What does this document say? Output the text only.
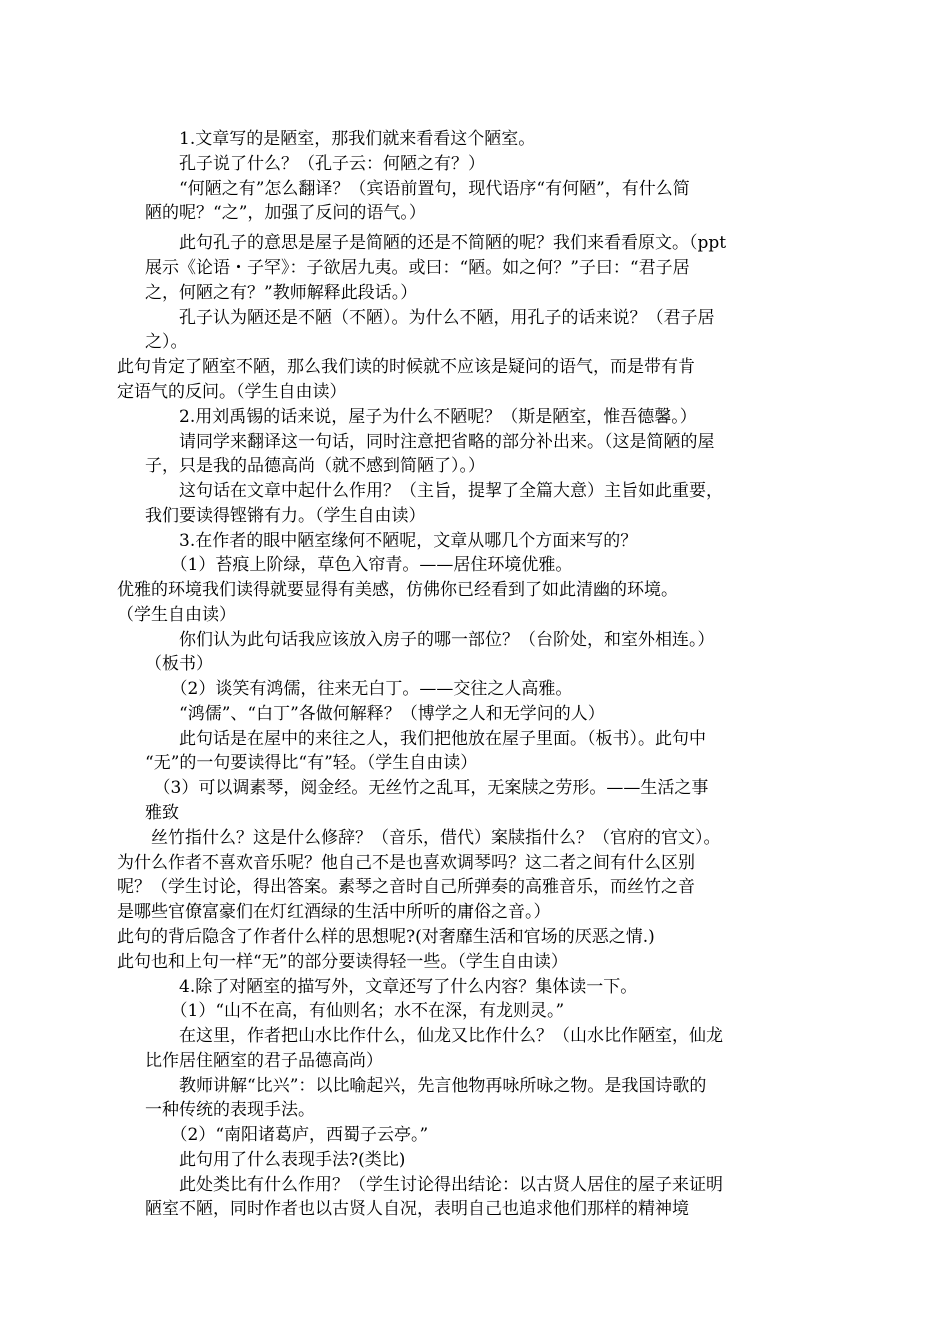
　　1.文章写的是陋室，那我们就来看看这个陋室。
　　孔子说了什么？（孔子云：何陋之有？）
　　“何陋之有”怎么翻译？（宾语前置句，现代语序“有何陋”，有什么简
陋的呢？“之”，加强了反问的语气。）
　　此句孔子的意思是屋子是简陋的还是不简陋的呢？我们来看看原文。（ppt
展示《论语・子罕》：子欲居九夷。或曰：“陋。如之何？”子曰：“君子居
之，何陋之有？”教师解释此段话。）
　　孔子认为陋还是不陋（不陋）。为什么不陋，用孔子的话来说？（君子居
之）。
此句肯定了陋室不陋，那么我们读的时候就不应该是疑问的语气，而是带有肯
定语气的反问。（学生自由读）
　　2.用刘禹锡的话来说，屋子为什么不陋呢？（斯是陋室，惟吾德馨。）
　　请同学来翻译这一句话，同时注意把省略的部分补出来。（这是简陋的屋
子，只是我的品德高尚（就不感到简陋了）。）
　　这句话在文章中起什么作用？（主旨，提挈了全篇大意）主旨如此重要，
我们要读得铿锵有力。（学生自由读）
　　3.在作者的眼中陋室缘何不陋呢，文章从哪几个方面来写的？
　　（1）苔痕上阶绿，草色入帘青。——居住环境优雅。
优雅的环境我们读得就要显得有美感，仿佛你已经看到了如此清幽的环境。
（学生自由读）
　　你们认为此句话我应该放入房子的哪一部位？（台阶处，和室外相连。）
（板书）
　　（2）谈笑有鸿儒，往来无白丁。——交往之人高雅。
　　“鸿儒”、“白丁”各做何解释？（博学之人和无学问的人）
　　此句话是在屋中的来往之人，我们把他放在屋子里面。（板书）。此句中
“无”的一句要读得比“有”轻。（学生自由读）
　（3）可以调素琴，阅金经。无丝竹之乱耳，无案牍之劳形。——生活之事
雅致
　　丝竹指什么？这是什么修辞？（音乐，借代）案牍指什么？（官府的官文）。
为什么作者不喜欢音乐呢？他自己不是也喜欢调琴吗？这二者之间有什么区别
呢？（学生讨论，得出答案。素琴之音时自己所弹奏的高雅音乐，而丝竹之音
是哪些官僚富豪们在灯红酒绿的生活中所听的庸俗之音。）
此句的背后隐含了作者什么样的思想呢?(对奢靡生活和官场的厌恶之情.)
此句也和上句一样“无”的部分要读得轻一些。（学生自由读）
　　4.除了对陋室的描写外，文章还写了什么内容？集体读一下。
　　（1）“山不在高，有仙则名；水不在深，有龙则灵。”
　　在这里，作者把山水比作什么，仙龙又比作什么？（山水比作陋室，仙龙
比作居住陋室的君子品德高尚）
　　教师讲解“比兴”：以比喻起兴，先言他物再咏所咏之物。是我国诗歌的
一种传统的表现手法。
　　（2）“南阳诸葛庐，西蜀子云亭。”
　　此句用了什么表现手法?(类比)
　　此处类比有什么作用？（学生讨论得出结论：以古贤人居住的屋子来证明
陋室不陋，同时作者也以古贤人自况，表明自己也追求他们那样的精神境
